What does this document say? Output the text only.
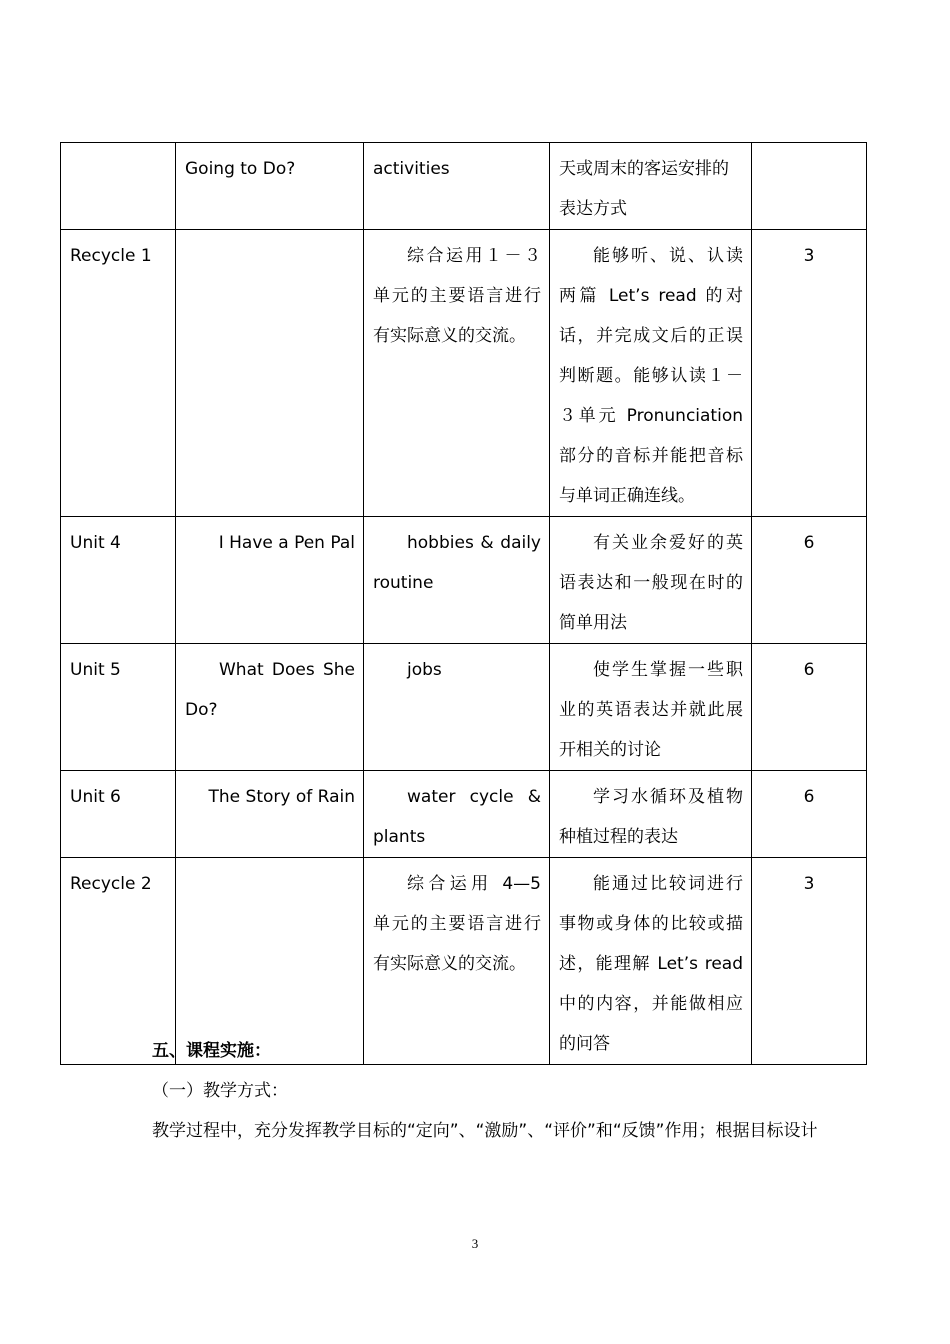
	Going to Do?	activities	天或周末的客运安排的表达方式	
Recycle 1		综合运用１－３单元的主要语言进行有实际意义的交流。	能够听、说、认读两篇 Let’s read 的对话，并完成文后的正误判断题。能够认读１－３单元 Pronunciation 部分的音标并能把音标与单词正确连线。	3
Unit 4	I Have a Pen Pal	hobbies & daily routine	有关业余爱好的英语表达和一般现在时的简单用法	6
Unit 5	What Does She Do?	jobs	使学生掌握一些职业的英语表达并就此展开相关的讨论	6
Unit 6	The Story of Rain	water cycle & plants	学习水循环及植物种植过程的表达	6
Recycle 2		综合运用 4—5 单元的主要语言进行有实际意义的交流。	能通过比较词进行事物或身体的比较或描述，能理解 Let’s read 中的内容，并能做相应的问答	3
五、课程实施：
（一）教学方式：
教学过程中，充分发挥教学目标的“定向”、“激励”、“评价”和“反馈”作用；根据目标设计
3
